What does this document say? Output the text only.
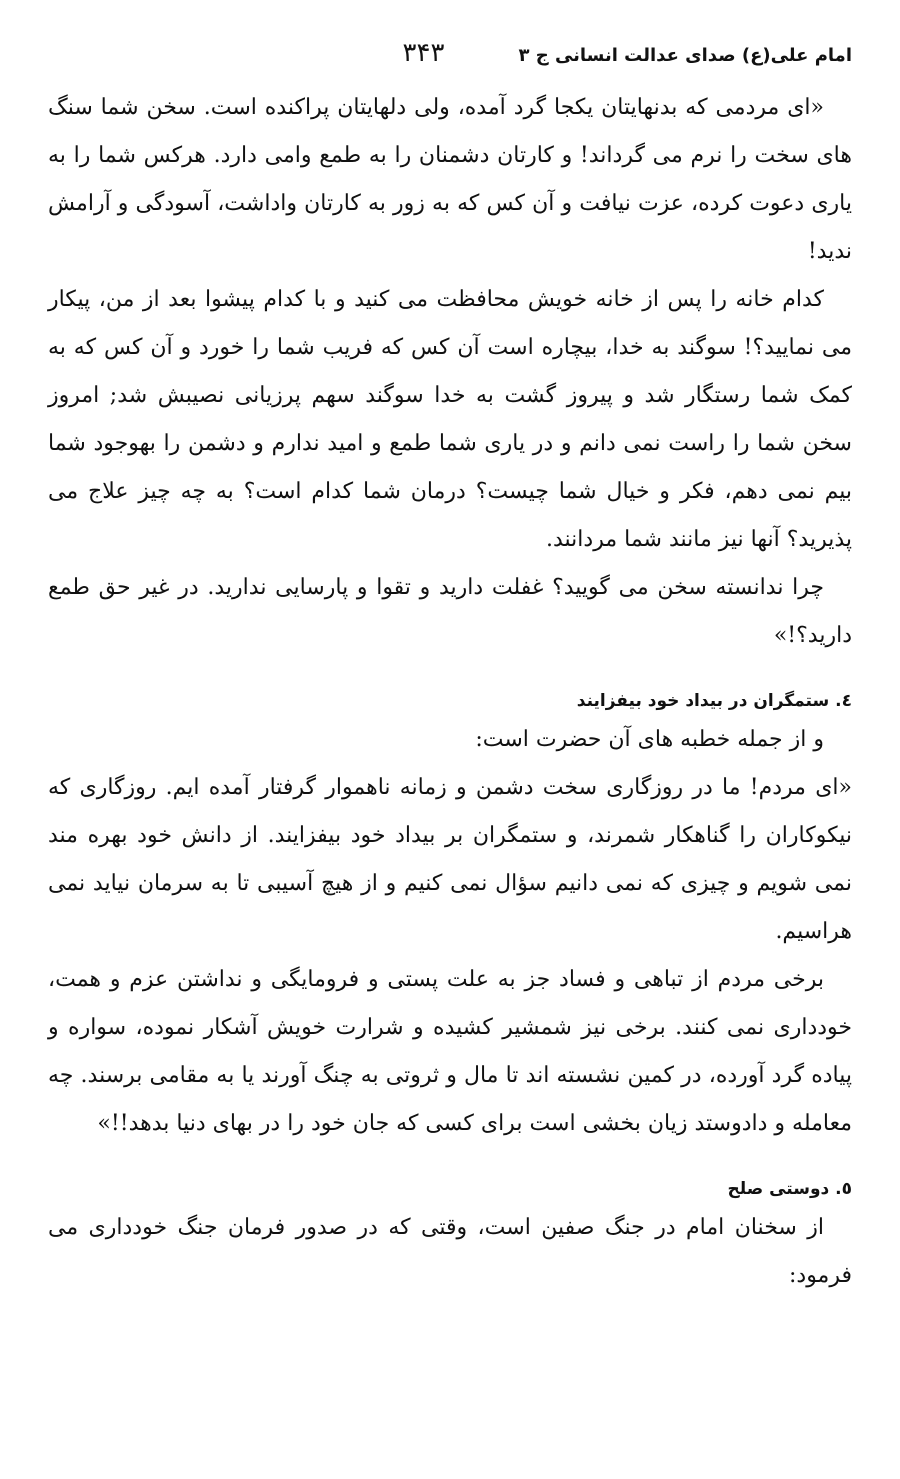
امام علی(ع) صدای عدالت انسانی ج ۳
۳۴۳

«ای مردمی که بدنهایتان یکجا گرد آمده، ولی دلهایتان پراکنده است. سخن شما سنگ های سخت را نرم می گرداند! و کارتان دشمنان را به طمع وامی دارد. هرکس شما را به یاری دعوت کرده، عزت نیافت و آن کس که به زور به کارتان واداشت، آسودگی و آرامش ندید!

کدام خانه را پس از خانه خویش محافظت می کنید و با کدام پیشوا بعد از من، پیکار می نمایید؟! سوگند به خدا، بیچاره است آن کس که فریب شما را خورد و آن کس که به کمک شما رستگار شد و پیروز گشت به خدا سوگند سهم پرزیانی نصیبش شد; امروز سخن شما را راست نمی دانم و در یاری شما طمع و امید ندارم و دشمن را بهوجود شما بیم نمی دهم، فکر و خیال شما چیست؟ درمان شما کدام است؟ به چه چیز علاج می پذیرید؟ آنها نیز مانند شما مردانند.

چرا ندانسته سخن می گویید؟ غفلت دارید و تقوا و پارسایی ندارید. در غیر حق طمع دارید؟!»

٤. ستمگران در بیداد خود بیفزایند

و از جمله خطبه های آن حضرت است:

«ای مردم! ما در روزگاری سخت دشمن و زمانه ناهموار گرفتار آمده ایم. روزگاری که نیکوکاران را گناهکار شمرند، و ستمگران بر بیداد خود بیفزایند. از دانش خود بهره مند نمی شویم و چیزی که نمی دانیم سؤال نمی کنیم و از هیچ آسیبی تا به سرمان نیاید نمی هراسیم.

برخی مردم از تباهی و فساد جز به علت پستی و فرومایگی و نداشتن عزم و همت، خودداری نمی کنند. برخی نیز شمشیر کشیده و شرارت خویش آشکار نموده، سواره و پیاده گرد آورده، در کمین نشسته اند تا مال و ثروتی به چنگ آورند یا به مقامی برسند. چه معامله و دادوستد زیان بخشی است برای کسی که جان خود را در بهای دنیا بدهد!!»

٥. دوستی صلح

از سخنان امام در جنگ صفین است، وقتی که در صدور فرمان جنگ خودداری می فرمود:
